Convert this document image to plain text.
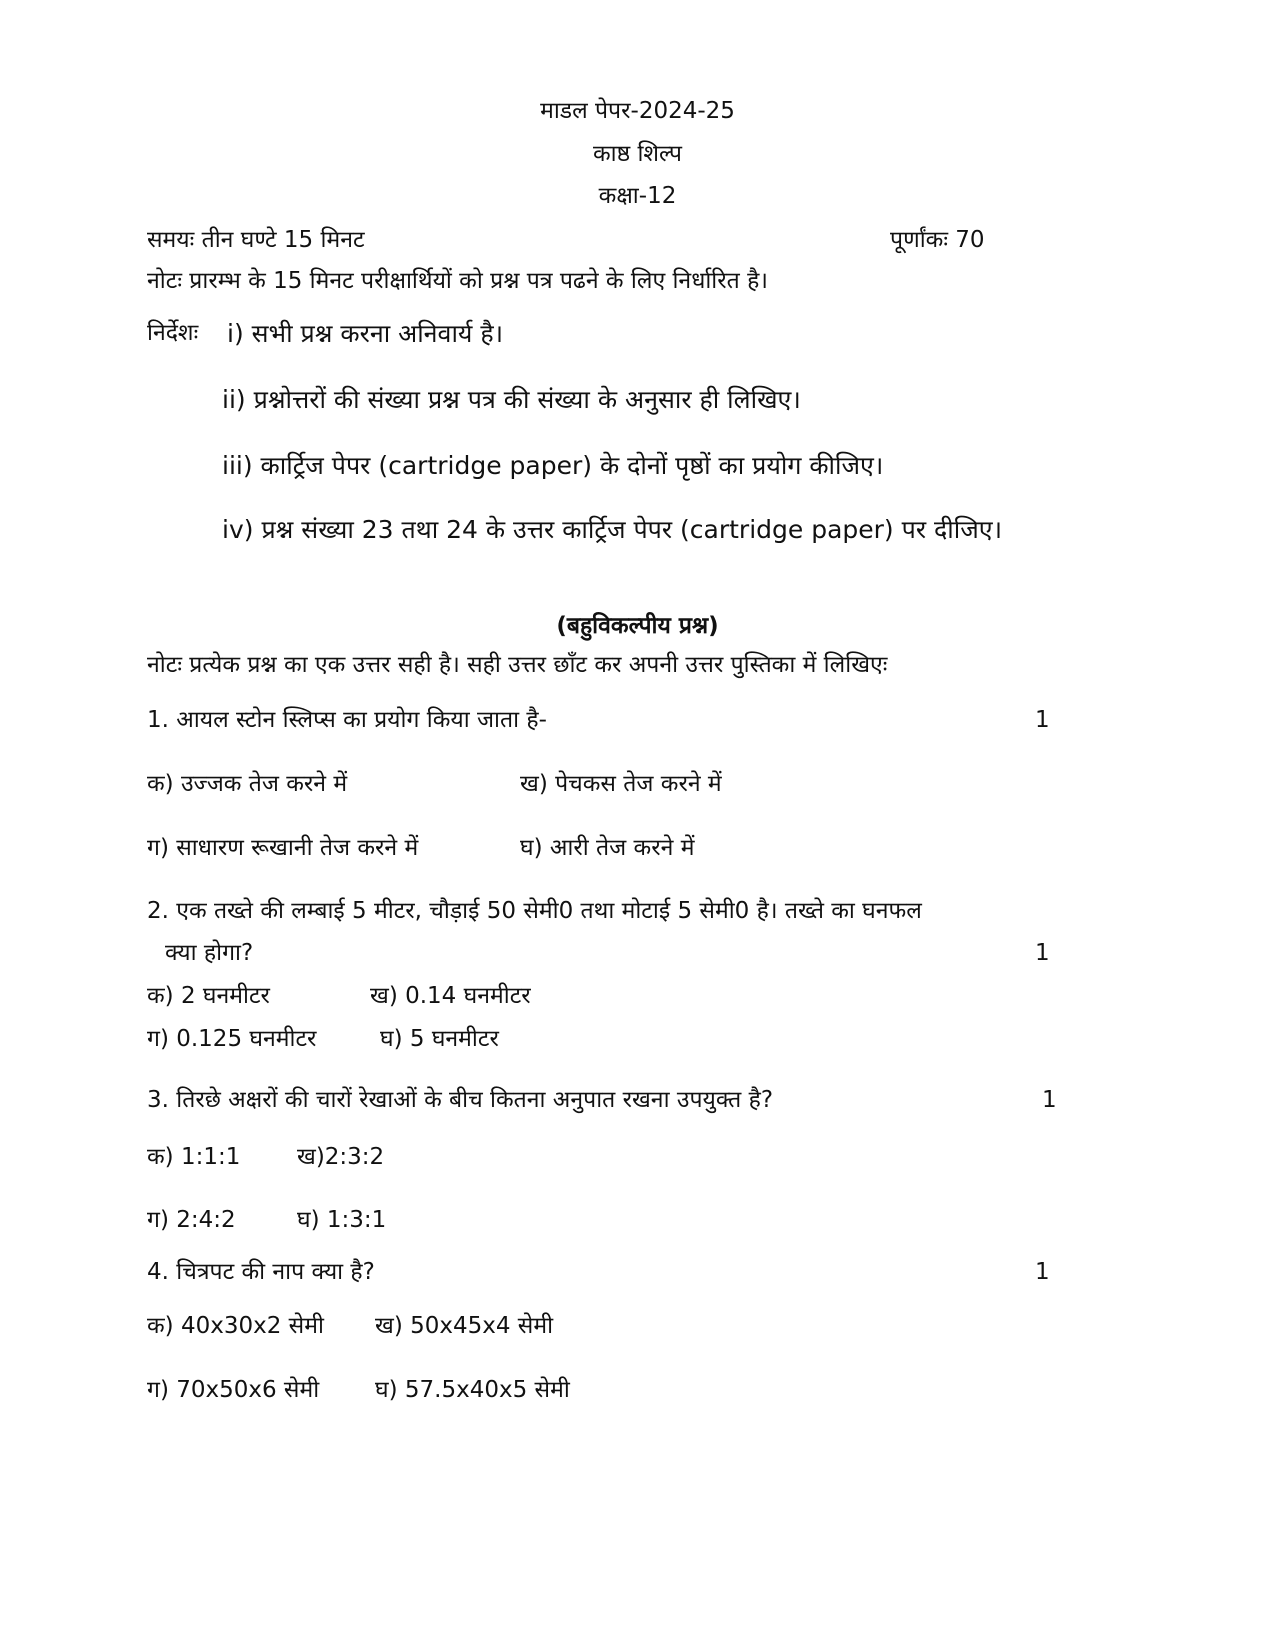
माडल पेपर-2024-25
काष्ठ शिल्प
कक्षा-12
समयः तीन घण्टे 15 मिनट	पूर्णांकः 70
नोटः प्रारम्भ के 15 मिनट परीक्षार्थियों को प्रश्न पत्र पढने के लिए निर्धारित है।
निर्देशः i) सभी प्रश्न करना अनिवार्य है।
ii) प्रश्नोत्तरों की संख्या प्रश्न पत्र की संख्या के अनुसार ही लिखिए।
iii) कार्ट्रिज पेपर (cartridge paper) के दोनों पृष्ठों का प्रयोग कीजिए।
iv) प्रश्न संख्या 23 तथा 24 के उत्तर कार्ट्रिज पेपर (cartridge paper) पर दीजिए।
(बहुविकल्पीय प्रश्न)
नोटः प्रत्येक प्रश्न का एक उत्तर सही है। सही उत्तर छाँट कर अपनी उत्तर पुस्तिका में लिखिएः
1. आयल स्टोन स्लिप्स का प्रयोग किया जाता है-	1
क) उज्जक तेज करने में	ख) पेचकस तेज करने में
ग) साधारण रूखानी तेज करने में	घ) आरी तेज करने में
2. एक तख्ते की लम्बाई 5 मीटर, चौड़ाई 50 सेमी0 तथा मोटाई 5 सेमी0 है। तख्ते का घनफल
क्या होगा?	1
क) 2 घनमीटर	ख) 0.14 घनमीटर
ग) 0.125 घनमीटर	घ) 5 घनमीटर
3. तिरछे अक्षरों की चारों रेखाओं के बीच कितना अनुपात रखना उपयुक्त है?	1
क) 1:1:1 ख)2:3:2
ग) 2:4:2	घ) 1:3:1
4. चित्रपट की नाप क्या है?	1
क) 40x30x2 सेमी ख) 50x45x4 सेमी
ग) 70x50x6 सेमी घ) 57.5x40x5 सेमी
